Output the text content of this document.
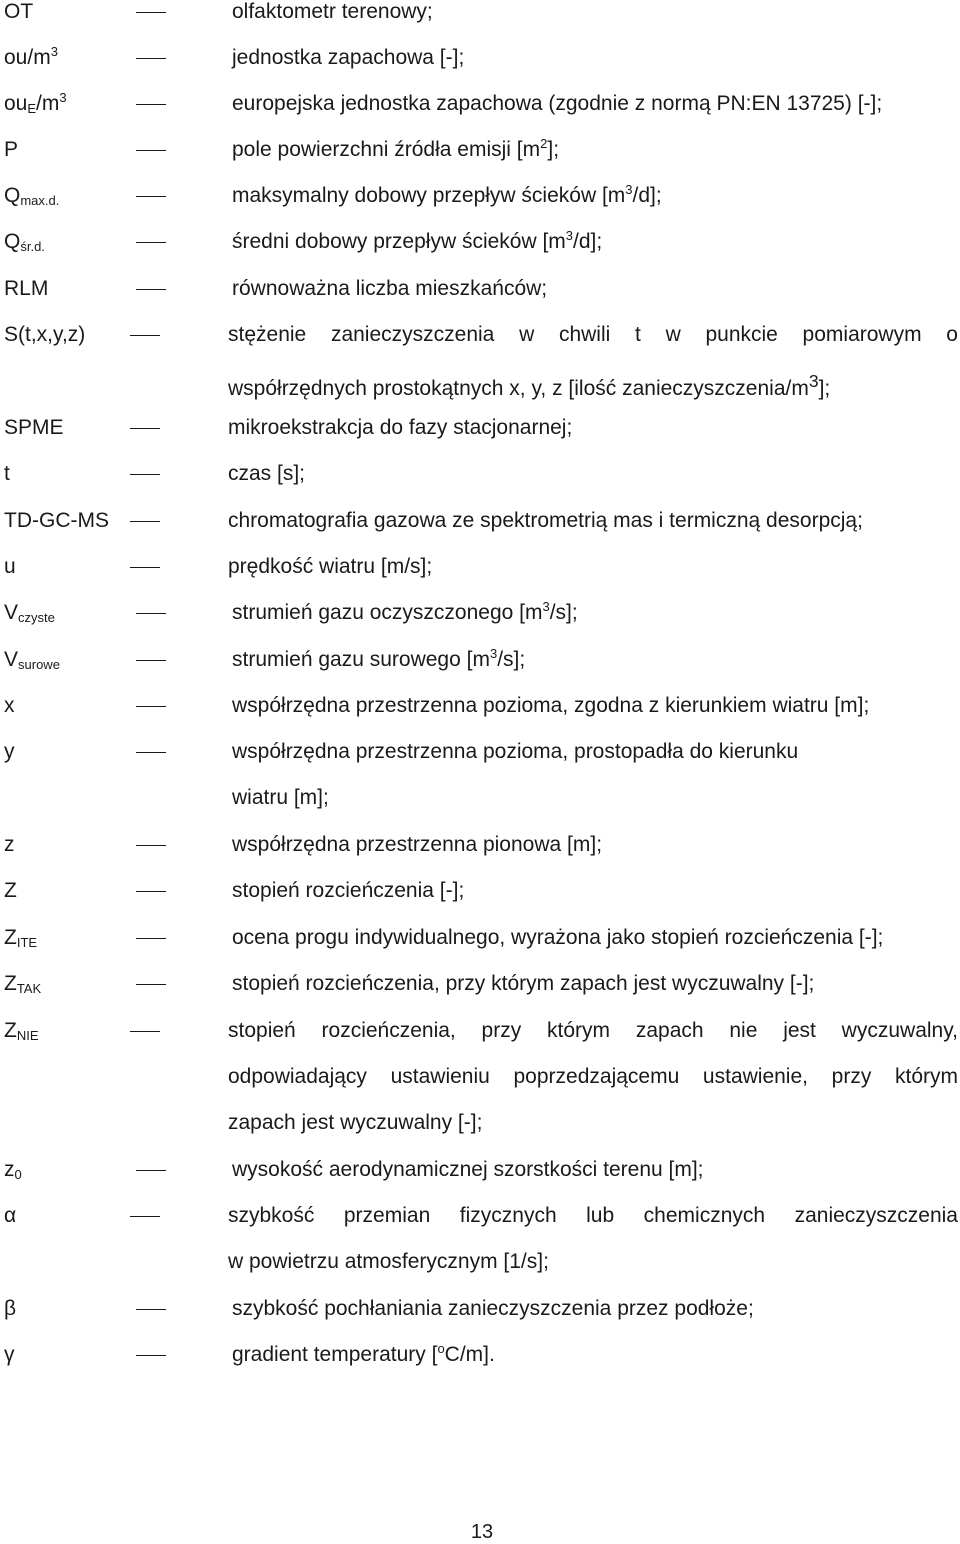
OT	olfaktometr terenowy;
$ou/m^3$	jednostka zapachowa [-];
$ou_E/m^3$	europejska jednostka zapachowa (zgodnie z normą PN:EN 13725) [-];
P	pole powierzchni źródła emisji $[m^2]$;
$Q_{max.d.}$	maksymalny dobowy przepływ ścieków $[m^3/d]$;
$Q_{śr.d.}$	średni dobowy przepływ ścieków $[m^3/d]$;
RLM	równoważna liczba mieszkańców;
S(t,x,y,z)	stężenie zanieczyszczenia w chwili t w punkcie pomiarowym o
współrzędnych prostokątnych x, y, z [ilość zanieczyszczenia/$m^3$];
SPME	mikroekstrakcja do fazy stacjonarnej;
t	czas [s];
TD-GC-MS	chromatografia gazowa ze spektrometrią mas i termiczną desorpcją;
u	prędkość wiatru [m/s];
$V_{czyste}$	strumień gazu oczyszczonego $[m^3/s]$;
$V_{surowe}$	strumień gazu surowego $[m^3/s]$;
x	współrzędna przestrzenna pozioma, zgodna z kierunkiem wiatru [m];
y	współrzędna przestrzenna pozioma, prostopadła do kierunku
wiatru [m];
z	współrzędna przestrzenna pionowa [m];
Z	stopień rozcieńczenia [-];
$Z_{ITE}$	ocena progu indywidualnego, wyrażona jako stopień rozcieńczenia [-];
$Z_{TAK}$	stopień rozcieńczenia, przy którym zapach jest wyczuwalny [-];
$Z_{NIE}$	stopień rozcieńczenia, przy którym zapach nie jest wyczuwalny,
odpowiadający ustawieniu poprzedzającemu ustawienie, przy którym
zapach jest wyczuwalny [-];
$z_0$	wysokość aerodynamicznej szorstkości terenu [m];
α	szybkość przemian fizycznych lub chemicznych zanieczyszczenia
w powietrzu atmosferycznym [1/s];
β	szybkość pochłaniania zanieczyszczenia przez podłoże;
γ	gradient temperatury [$^o$C/m].
13
